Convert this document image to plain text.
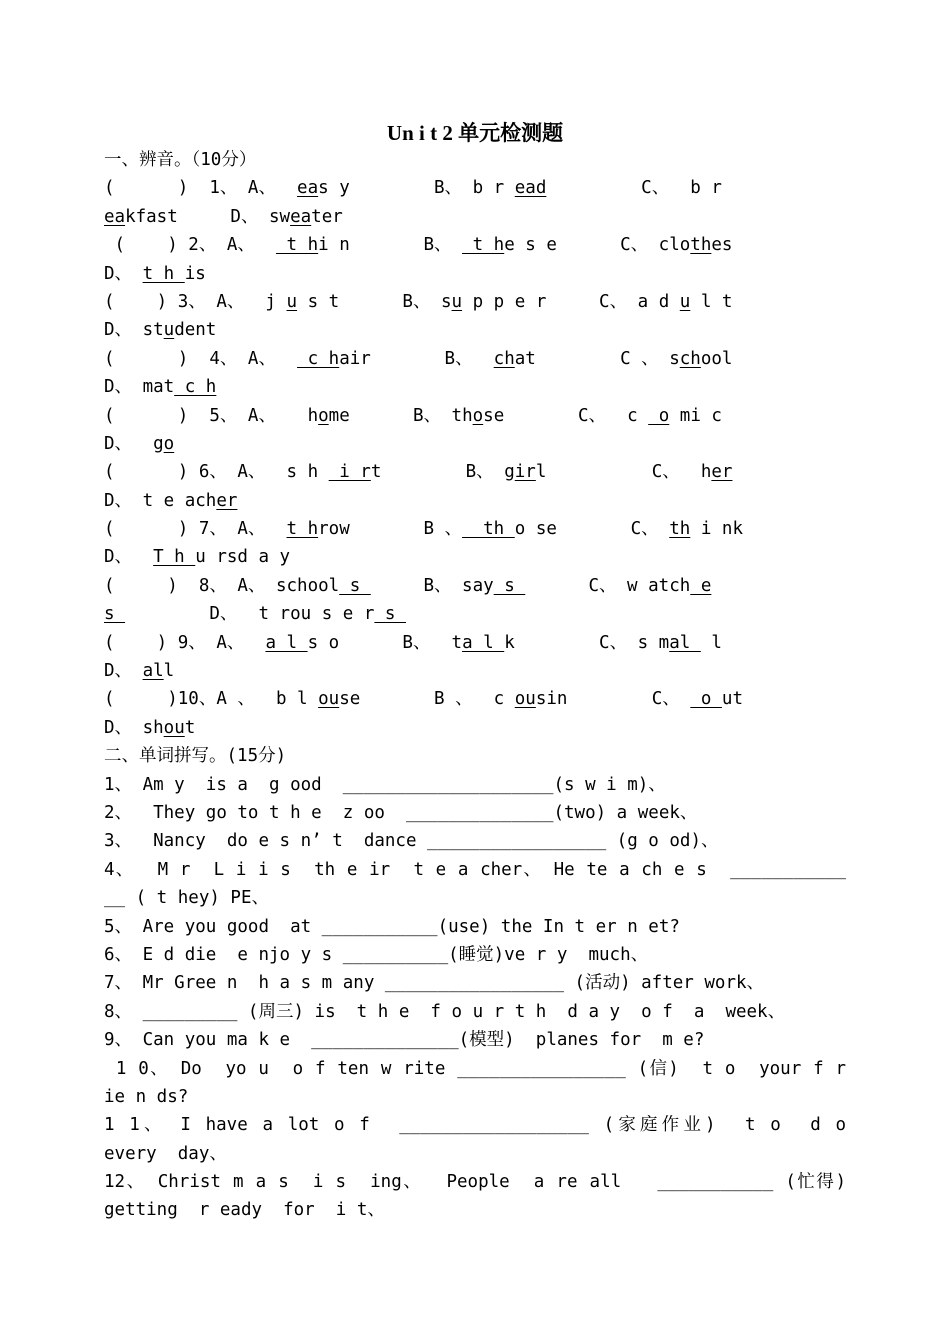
Un i t 2 单元检测题
一、辨音。（10分）
(      )  1、 A、  eas y        B、 b r ead         C、  b r
eakfast     D、 sweater
(    ) 2、 A、   t hi n       B、  t he s e      C、 clothes
D、 t h is
(    ) 3、 A、  j u s t      B、 su p p e r     C、 a d u l t
D、 student
(      )  4、 A、   c hair       B、  chat        C 、 school
D、 mat c h
(      )  5、 A、   home      B、 those       C、  c  o mi c
D、  go
(      ) 6、 A、  s h  i rt        B、 girl          C、  her
D、 t e acher
(      ) 7、 A、  t hrow       B 、  th o se       C、 th i nk
D、  T h u rsd a y
(     )  8、 A、 school s      B、 say s       C、 w atch e
s         D、  t rou s e r s
(    ) 9、 A、  a l s o      B、  ta l k        C、 s mal  l
D、 all
(     )10、A 、  b l ouse       B 、  c ousin        C、  o ut
D、 shout
二、单词拼写。(15分)
1、 Am y  is a  g ood  ____________________(s w i m)、
2、  They go to t h e  z oo  ______________(two) a week、
3、  Nancy  do e s n’ t  dance _________________ (g o od)、
4、  M r  L i i s  th e ir  t e a cher、 He te a ch e s  ___________
__ ( t hey) PE、
5、 Are you good  at ___________(use) the In t er n et?
6、 E d die  e njo y s __________(睡觉)ve r y  much、
7、 Mr Gree n  h a s m any _________________ (活动) after work、
8、 _________ (周三) is  t h e  f o u r t h  d a y  o f  a  week、
9、 Can you ma k e  ______________(模型)  planes for  m e?
1 0、 Do  yo u  o f ten w rite ________________ (信)  t o  your f r
ie n ds?
1 1、 I have a lot o f  __________________ (家庭作业)  t o  d o
every  day、
12、 Christ m a s  i s  ing、  People  a re all   ___________ (忙得)
getting  r eady  for  i t、
